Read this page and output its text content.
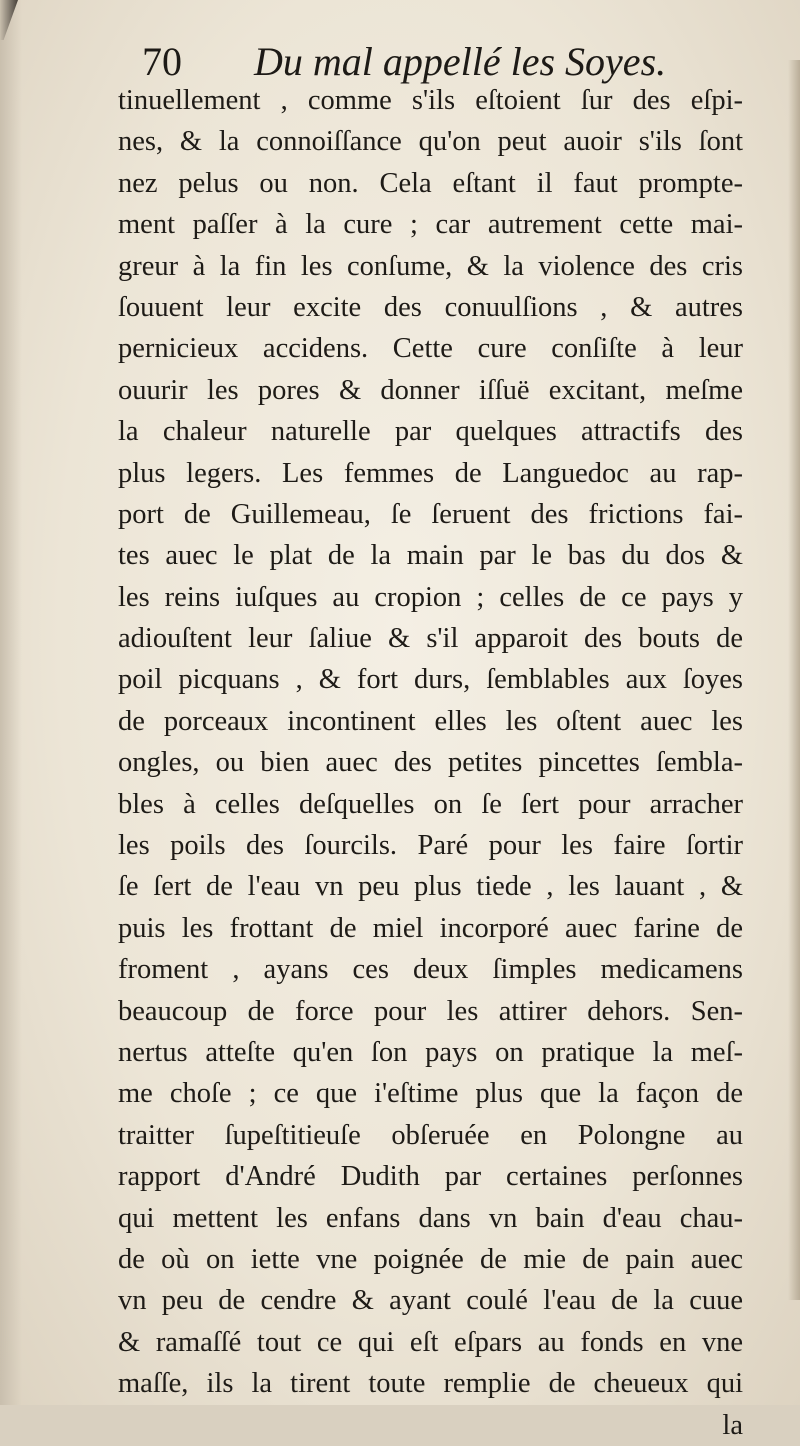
70 Du mal appellé les Soyes.
tinuellement , comme s'ils eſtoient ſur des eſpi-
nes, & la connoiſſance qu'on peut auoir s'ils ſont
nez pelus ou non. Cela eſtant il faut prompte-
ment paſſer à la cure ; car autrement cette mai-
greur à la fin les conſume, & la violence des cris
ſouuent leur excite des conuulſions , & autres
pernicieux accidens. Cette cure conſiſte à leur
ouurir les pores & donner iſſuë excitant, meſme
la chaleur naturelle par quelques attractifs des
plus legers. Les femmes de Languedoc au rap-
port de Guillemeau, ſe ſeruent des frictions fai-
tes auec le plat de la main par le bas du dos &
les reins iuſques au cropion ; celles de ce pays y
adiouſtent leur ſaliue & s'il apparoit des bouts de
poil picquans , & fort durs, ſemblables aux ſoyes
de porceaux incontinent elles les oſtent auec les
ongles, ou bien auec des petites pincettes ſembla-
bles à celles deſquelles on ſe ſert pour arracher
les poils des ſourcils. Paré pour les faire ſortir
ſe ſert de l'eau vn peu plus tiede , les lauant , &
puis les frottant de miel incorporé auec farine de
froment , ayans ces deux ſimples medicamens
beaucoup de force pour les attirer dehors. Sen-
nertus atteſte qu'en ſon pays on pratique la meſ-
me choſe ; ce que i'eſtime plus que la façon de
traitter ſupeſtitieuſe obſeruée en Polongne au
rapport d'André Dudith par certaines perſonnes
qui mettent les enfans dans vn bain d'eau chau-
de où on iette vne poignée de mie de pain auec
vn peu de cendre & ayant coulé l'eau de la cuue
& ramaſſé tout ce qui eſt eſpars au fonds en vne
maſſe, ils la tirent toute remplie de cheueux qui
la
